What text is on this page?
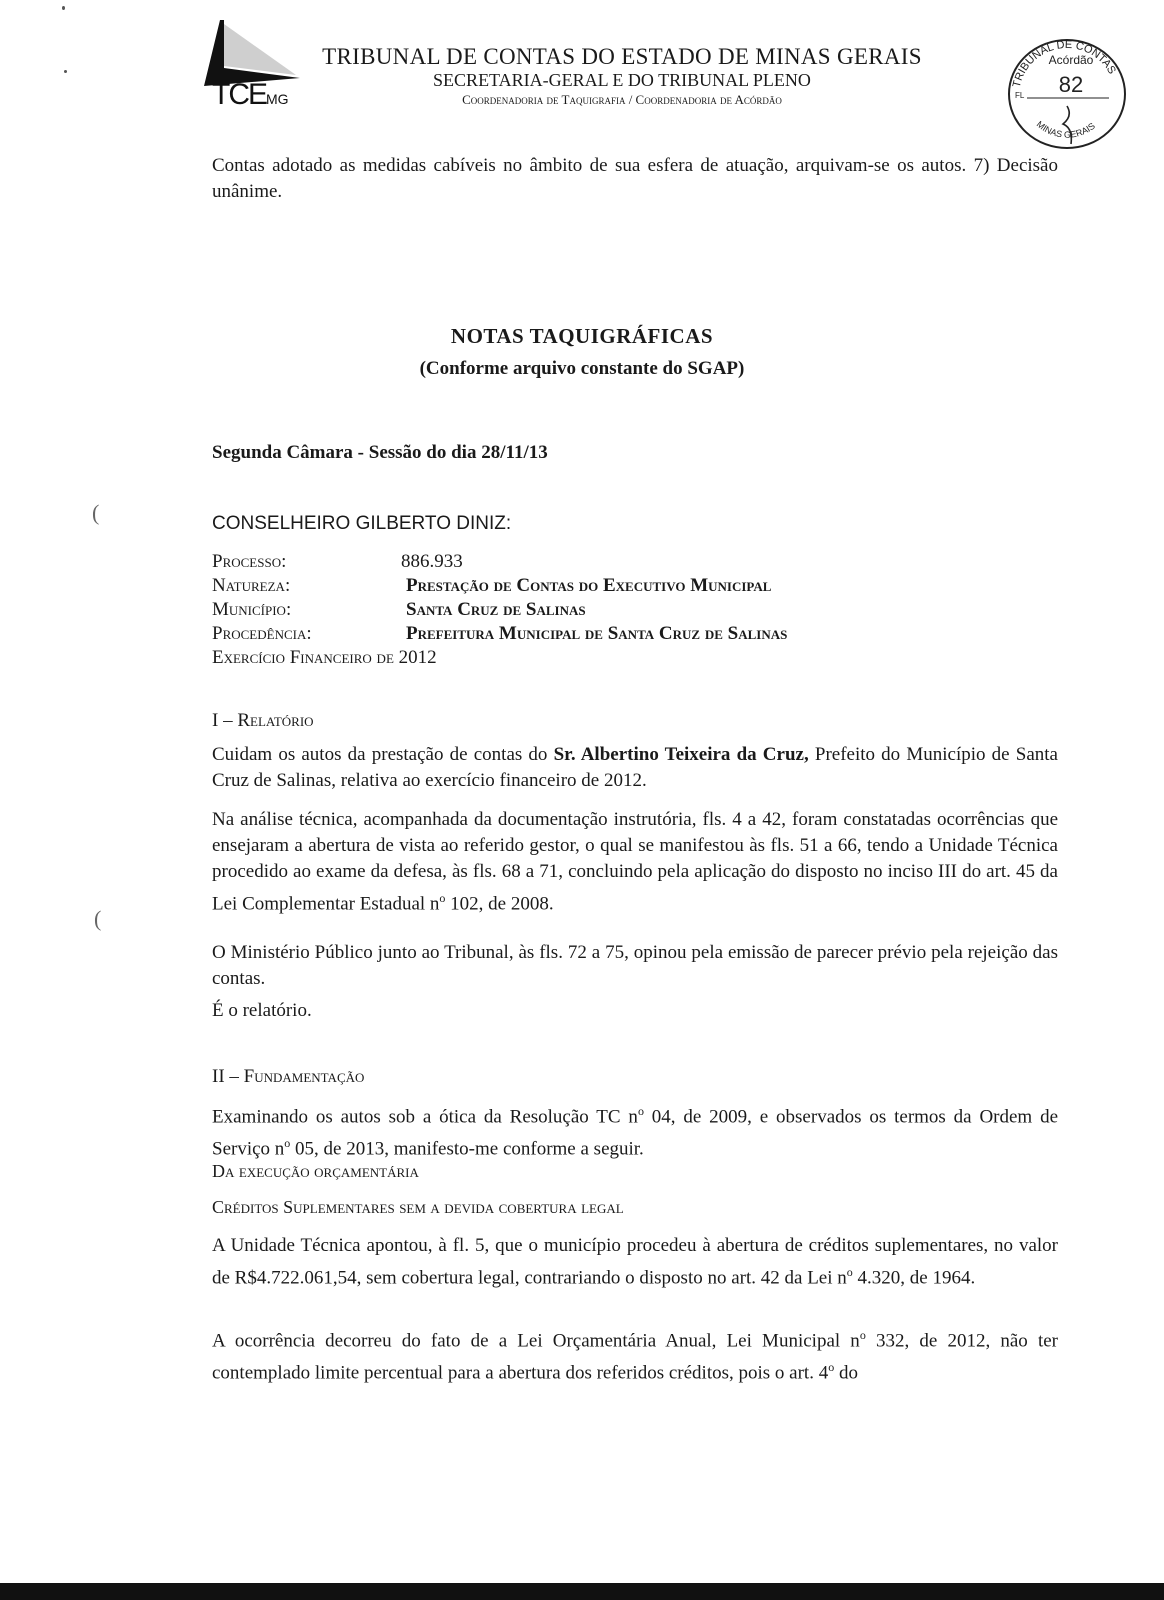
TCEMG
TRIBUNAL DE CONTAS DO ESTADO DE MINAS GERAIS
SECRETARIA-GERAL E DO TRIBUNAL PLENO
Coordenadoria de Taquigrafia / Coordenadoria de Acórdão
TRIBUNAL DE CONTAS
Acórdão
FL 82
MINAS GERAIS
Contas adotado as medidas cabíveis no âmbito de sua esfera de atuação, arquivam-se os autos. 7) Decisão unânime.
NOTAS TAQUIGRÁFICAS
(Conforme arquivo constante do SGAP)
Segunda Câmara - Sessão do dia 28/11/13
CONSELHEIRO GILBERTO DINIZ:
Processo:	886.933
Natureza:	Prestação de Contas do Executivo Municipal
Município:	Santa Cruz de Salinas
Procedência:	Prefeitura Municipal de Santa Cruz de Salinas
Exercício Financeiro de 2012
I – Relatório
Cuidam os autos da prestação de contas do Sr. Albertino Teixeira da Cruz, Prefeito do Município de Santa Cruz de Salinas, relativa ao exercício financeiro de 2012.
Na análise técnica, acompanhada da documentação instrutória, fls. 4 a 42, foram constatadas ocorrências que ensejaram a abertura de vista ao referido gestor, o qual se manifestou às fls. 51 a 66, tendo a Unidade Técnica procedido ao exame da defesa, às fls. 68 a 71, concluindo pela aplicação do disposto no inciso III do art. 45 da Lei Complementar Estadual $n^o$ 102, de 2008.
O Ministério Público junto ao Tribunal, às fls. 72 a 75, opinou pela emissão de parecer prévio pela rejeição das contas.
É o relatório.
II – Fundamentação
Examinando os autos sob a ótica da Resolução TC $n^o$ 04, de 2009, e observados os termos da Ordem de Serviço $n^o$ 05, de 2013, manifesto-me conforme a seguir.
Da execução orçamentária
Créditos Suplementares sem a devida cobertura legal
A Unidade Técnica apontou, à fl. 5, que o município procedeu à abertura de créditos suplementares, no valor de R$4.722.061,54, sem cobertura legal, contrariando o disposto no art. 42 da Lei $n^o$ 4.320, de 1964.
A ocorrência decorreu do fato de a Lei Orçamentária Anual, Lei Municipal $n^o$ 332, de 2012, não ter contemplado limite percentual para a abertura dos referidos créditos, pois o art. 4$^o$ do
(
(
